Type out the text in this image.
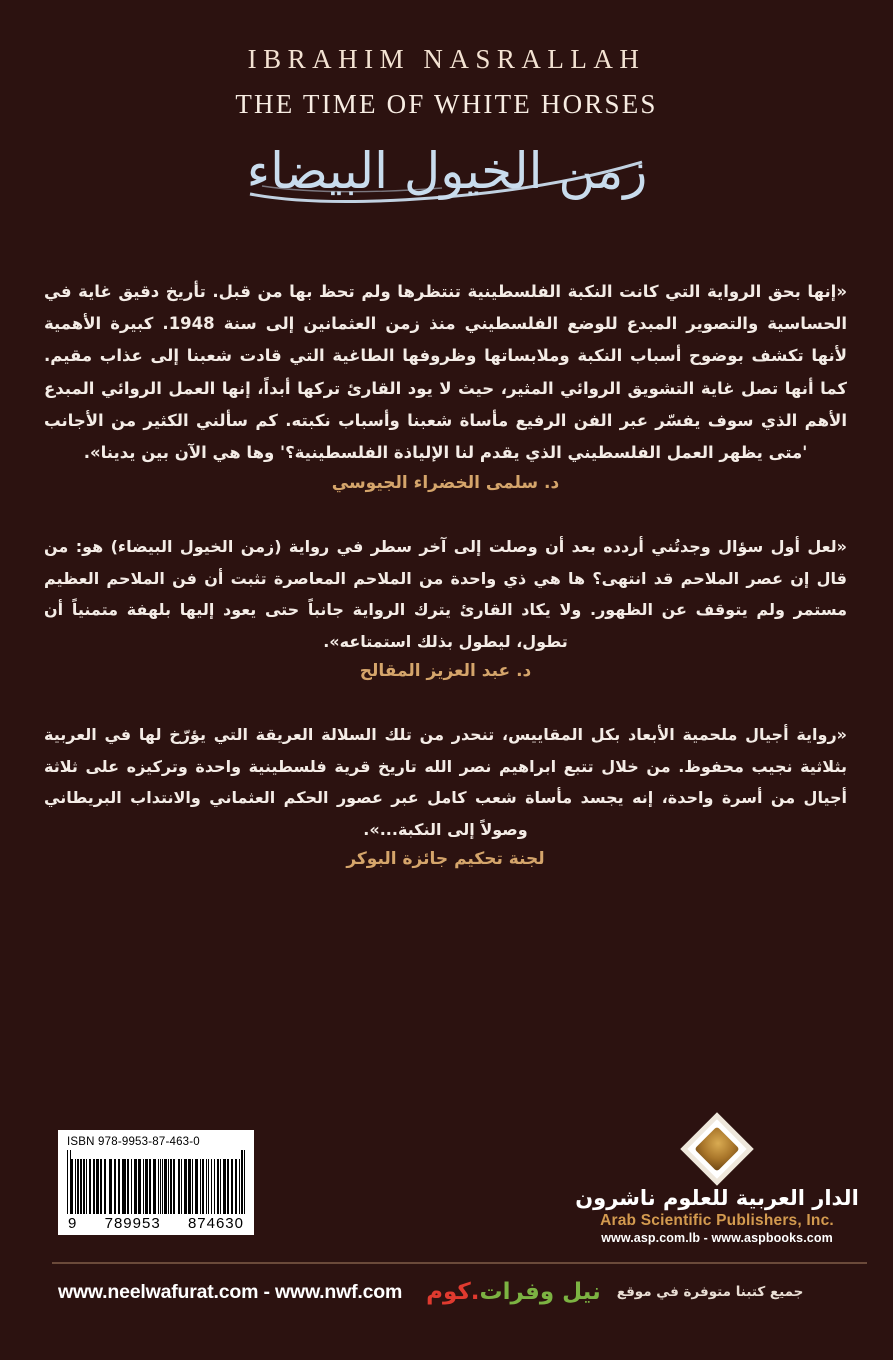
IBRAHIM NASRALLAH
THE TIME OF WHITE HORSES
زمن الخيول البيضاء
«إنها بحق الرواية التي كانت النكبة الفلسطينية تنتظرها ولم تحظ بها من قبل. تأريخ دقيق غاية في الحساسية والتصوير المبدع للوضع الفلسطيني منذ زمن العثمانين إلى سنة 1948. كبيرة الأهمية لأنها تكشف بوضوح أسباب النكبة وملابساتها وظروفها الطاغية التي قادت شعبنا إلى عذاب مقيم. كما أنها تصل غاية التشويق الروائي المثير، حيث لا يود القارئ تركها أبداً، إنها العمل الروائي المبدع الأهم الذي سوف يفسّر عبر الفن الرفيع مأساة شعبنا وأسباب نكبته. كم سألني الكثير من الأجانب 'متى يظهر العمل الفلسطيني الذي يقدم لنا الإلياذة الفلسطينية؟' وها هي الآن بين يدينا».
د. سلمى الخضراء الجيوسي
«لعل أول سؤال وجدتُني أردده بعد أن وصلت إلى آخر سطر في رواية (زمن الخيول البيضاء) هو: من قال إن عصر الملاحم قد انتهى؟ ها هي ذي واحدة من الملاحم المعاصرة تثبت أن فن الملاحم العظيم مستمر ولم يتوقف عن الظهور. ولا يكاد القارئ يترك الرواية جانباً حتى يعود إليها بلهفة متمنياً أن تطول، ليطول بذلك استمتاعه».
د. عبد العزيز المقالح
«رواية أجيال ملحمية الأبعاد بكل المقاييس، تنحدر من تلك السلالة العريقة التي يؤرّخ لها في العربية بثلاثية نجيب محفوظ. من خلال تتبع ابراهيم نصر الله تاريخ قرية فلسطينية واحدة وتركيزه على ثلاثة أجيال من أسرة واحدة، إنه يجسد مأساة شعب كامل عبر عصور الحكم العثماني والانتداب البريطاني وصولاً إلى النكبة...».
لجنة تحكيم جائزة البوكر
ISBN 978-9953-87-463-0
9 789953 874630
الدار العربية للعلوم ناشرون
Arab Scientific Publishers, Inc.
www.asp.com.lb - www.aspbooks.com
www.neelwafurat.com - www.nwf.com	نيل وفرات.كوم	جميع كتبنا متوفرة في موقع
